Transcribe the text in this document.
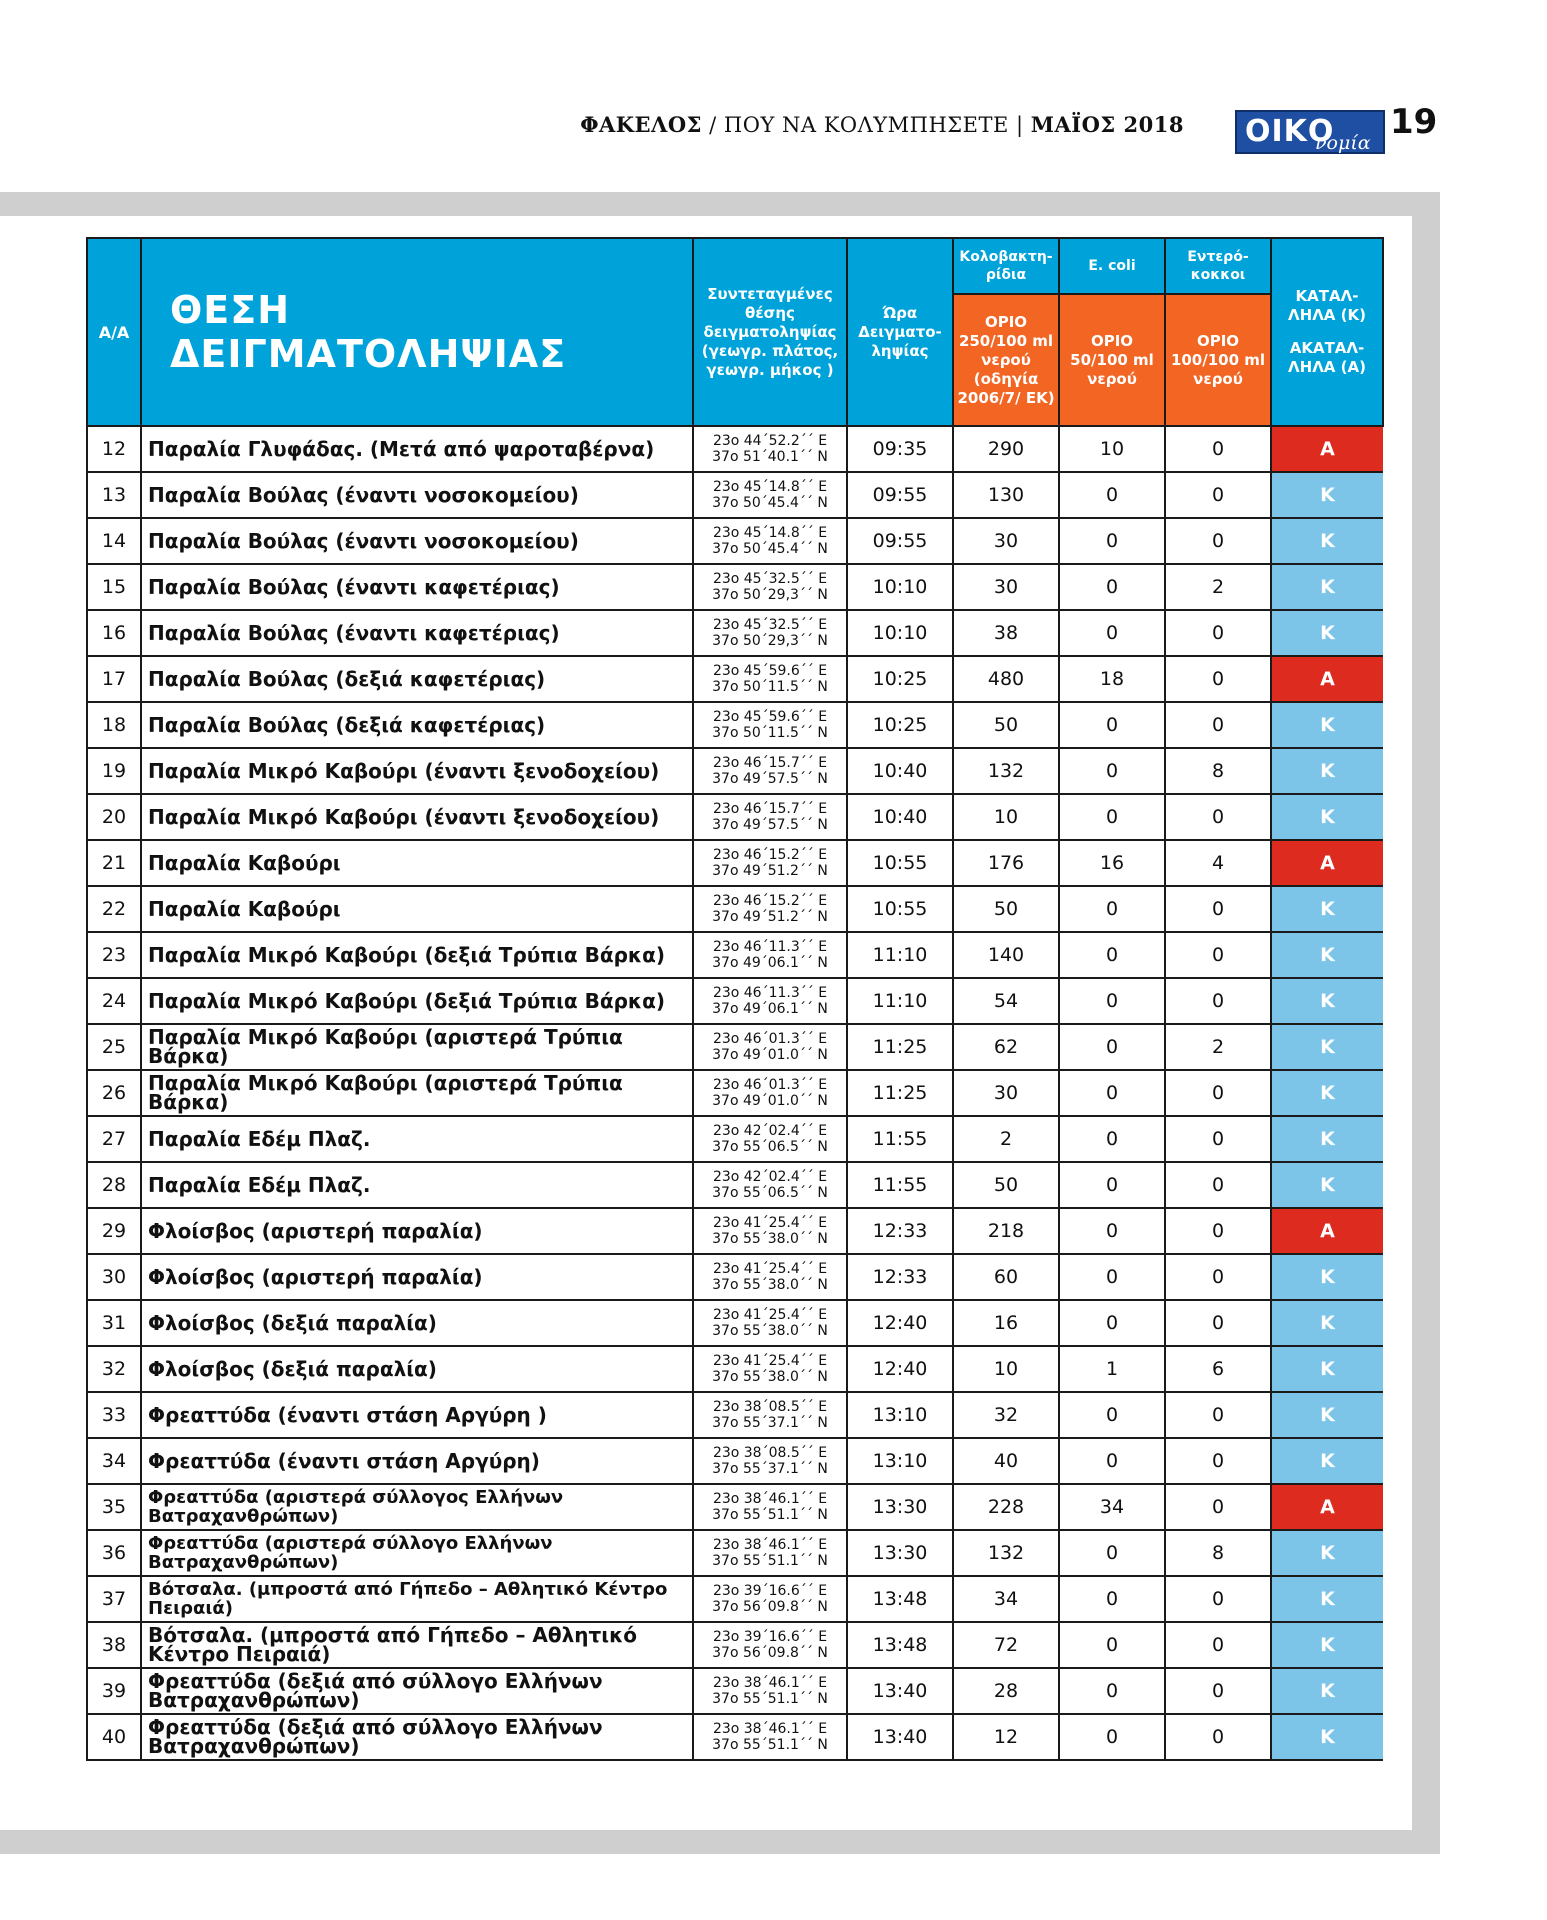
ΦΑΚΕΛΟΣ / ΠΟΥ ΝΑ ΚΟΛΥΜΠΗΣΕΤΕ | ΜΑΪΟΣ 2018 ΟΙΚΟ
νομία
19
Α/Α	ΘΕΣΗ ΔΕΙΓΜΑΤΟΛΗΨΙΑΣ	Συντεταγμένες θέσης δειγματοληψίας (γεωγρ. πλάτος, γεωγρ. μήκος )	Ώρα Δειγματο-ληψίας	Κολοβακτη-ρίδια	E. coli	Εντερό-κοκκοι	ΚΑΤΑΛ-ΛΗΛΑ (Κ)
ΑΚΑΤΑΛ-ΛΗΛΑ (Α)

				ΟΡΙΟ 250/100 ml νερού (οδηγία 2006/7/ ΕΚ)	ΟΡΙΟ 50/100 ml νερού	ΟΡΙΟ 100/100 ml νερού	
12	Παραλία Γλυφάδας. (Μετά από ψαροταβέρνα)	23ο 44΄52.2΄΄ Ε
37ο 51΄40.1΄΄ Ν	09:35	290	10	0	Α
13	Παραλία Βούλας (έναντι νοσοκομείου)	23ο 45΄14.8΄΄ Ε
37ο 50΄45.4΄΄ Ν	09:55	130	0	0	Κ
14	Παραλία Βούλας (έναντι νοσοκομείου)	23ο 45΄14.8΄΄ Ε
37ο 50΄45.4΄΄ Ν	09:55	30	0	0	Κ
15	Παραλία Βούλας (έναντι καφετέριας)	23ο 45΄32.5΄΄ Ε
37ο 50΄29,3΄΄ Ν	10:10	30	0	2	Κ
16	Παραλία Βούλας (έναντι καφετέριας)	23ο 45΄32.5΄΄ Ε
37ο 50΄29,3΄΄ Ν	10:10	38	0	0	Κ
17	Παραλία Βούλας (δεξιά καφετέριας)	23ο 45΄59.6΄΄ Ε
37ο 50΄11.5΄΄ Ν	10:25	480	18	0	Α
18	Παραλία Βούλας (δεξιά καφετέριας)	23ο 45΄59.6΄΄ Ε
37ο 50΄11.5΄΄ Ν	10:25	50	0	0	Κ
19	Παραλία Μικρό Καβούρι (έναντι ξενοδοχείου)	23ο 46΄15.7΄΄ Ε
37ο 49΄57.5΄΄ Ν	10:40	132	0	8	Κ
20	Παραλία Μικρό Καβούρι (έναντι ξενοδοχείου)	23ο 46΄15.7΄΄ Ε
37ο 49΄57.5΄΄ Ν	10:40	10	0	0	Κ
21	Παραλία Καβούρι	23ο 46΄15.2΄΄ Ε
37ο 49΄51.2΄΄ Ν	10:55	176	16	4	Α
22	Παραλία Καβούρι	23ο 46΄15.2΄΄ Ε
37ο 49΄51.2΄΄ Ν	10:55	50	0	0	Κ
23	Παραλία Μικρό Καβούρι (δεξιά Τρύπια Βάρκα)	23ο 46΄11.3΄΄ Ε
37ο 49΄06.1΄΄ Ν	11:10	140	0	0	Κ
24	Παραλία Μικρό Καβούρι (δεξιά Τρύπια Βάρκα)	23ο 46΄11.3΄΄ Ε
37ο 49΄06.1΄΄ Ν	11:10	54	0	0	Κ
25	Παραλία Μικρό Καβούρι (αριστερά Τρύπια Βάρκα)	23ο 46΄01.3΄΄ Ε
37ο 49΄01.0΄΄ Ν	11:25	62	0	2	Κ
26	Παραλία Μικρό Καβούρι (αριστερά Τρύπια Βάρκα)	23ο 46΄01.3΄΄ Ε
37ο 49΄01.0΄΄ Ν	11:25	30	0	0	Κ
27	Παραλία Εδέμ Πλαζ.	23ο 42΄02.4΄΄ Ε
37ο 55΄06.5΄΄ Ν	11:55	2	0	0	Κ
28	Παραλία Εδέμ Πλαζ.	23ο 42΄02.4΄΄ Ε
37ο 55΄06.5΄΄ Ν	11:55	50	0	0	Κ
29	Φλοίσβος (αριστερή παραλία)	23ο 41΄25.4΄΄ Ε
37ο 55΄38.0΄΄ Ν	12:33	218	0	0	Α
30	Φλοίσβος (αριστερή παραλία)	23ο 41΄25.4΄΄ Ε
37ο 55΄38.0΄΄ Ν	12:33	60	0	0	Κ
31	Φλοίσβος (δεξιά παραλία)	23ο 41΄25.4΄΄ Ε
37ο 55΄38.0΄΄ Ν	12:40	16	0	0	Κ
32	Φλοίσβος (δεξιά παραλία)	23ο 41΄25.4΄΄ Ε
37ο 55΄38.0΄΄ Ν	12:40	10	1	6	Κ
33	Φρεαττύδα (έναντι στάση Αργύρη )	23ο 38΄08.5΄΄ Ε
37ο 55΄37.1΄΄ Ν	13:10	32	0	0	Κ
34	Φρεαττύδα (έναντι στάση Αργύρη)	23ο 38΄08.5΄΄ Ε
37ο 55΄37.1΄΄ Ν	13:10	40	0	0	Κ
35	Φρεαττύδα (αριστερά σύλλογος Ελλήνων Βατραχανθρώπων)	23ο 38΄46.1΄΄ Ε
37ο 55΄51.1΄΄ Ν	13:30	228	34	0	Α
36	Φρεαττύδα (αριστερά σύλλογο Ελλήνων Βατραχανθρώπων)	23ο 38΄46.1΄΄ Ε
37ο 55΄51.1΄΄ Ν	13:30	132	0	8	Κ
37	Βότσαλα. (μπροστά από Γήπεδο – Αθλητικό Κέντρο Πειραιά)	23ο 39΄16.6΄΄ Ε
37ο 56΄09.8΄΄ Ν	13:48	34	0	0	Κ
38	Βότσαλα. (μπροστά από Γήπεδο – Αθλητικό Κέντρο Πειραιά)	23ο 39΄16.6΄΄ Ε
37ο 56΄09.8΄΄ Ν	13:48	72	0	0	Κ
39	Φρεαττύδα (δεξιά από σύλλογο Ελλήνων Βατραχανθρώπων)	23ο 38΄46.1΄΄ Ε
37ο 55΄51.1΄΄ Ν	13:40	28	0	0	Κ
40	Φρεαττύδα (δεξιά από σύλλογο Ελλήνων Βατραχανθρώπων)	23ο 38΄46.1΄΄ Ε
37ο 55΄51.1΄΄ Ν	13:40	12	0	0	Κ
